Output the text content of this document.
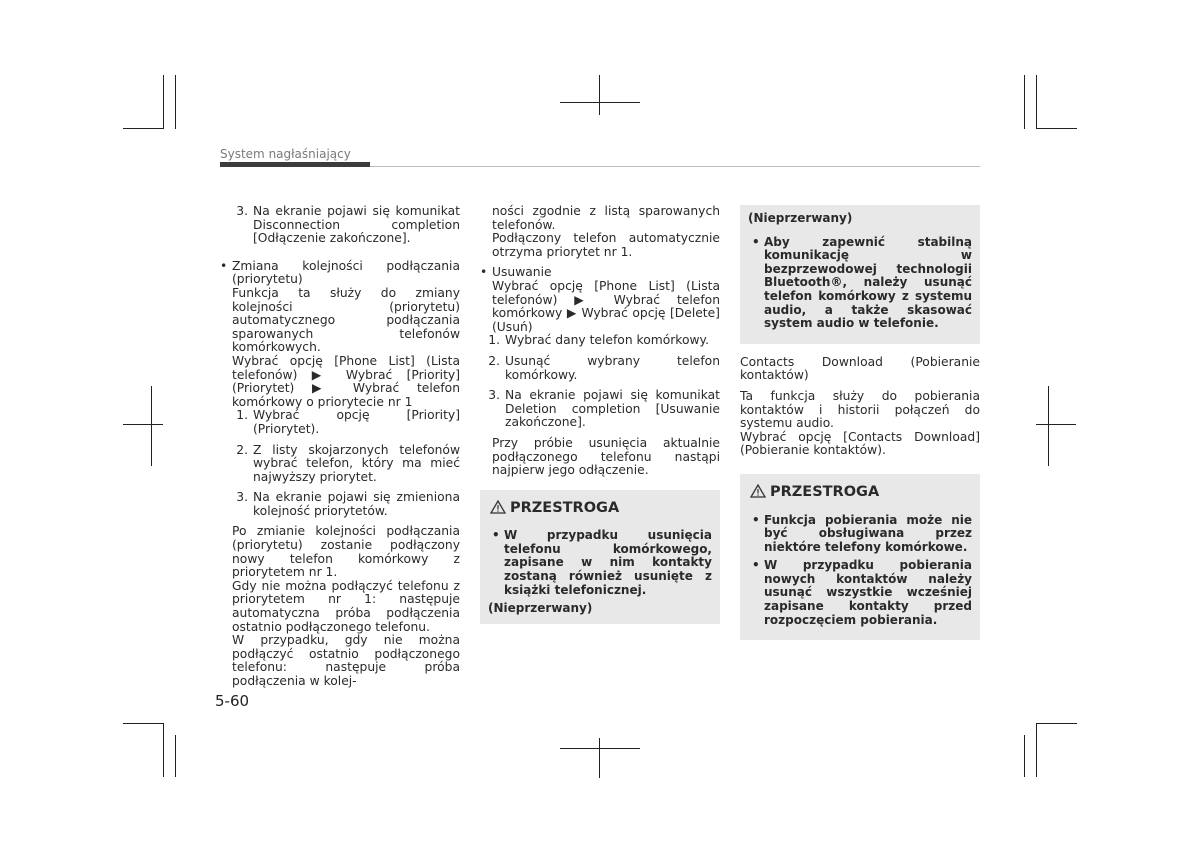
System nagłaśniający
3. Na ekranie pojawi się komunikat Disconnection completion [Odłączenie zakończone].
• Zmiana kolejności podłączania (priorytetu)

Funkcja ta służy do zmiany kolejności (priorytetu) automatycznego podłączania sparowanych telefonów komórkowych.

Wybrać opcję [Phone List] (Lista telefonów) ▶ Wybrać [Priority] (Priorytet) ▶ Wybrać telefon komórkowy o priorytecie nr 1

1. Wybrać opcję [Priority] (Priorytet).
2. Z listy skojarzonych telefonów wybrać telefon, który ma mieć najwyższy priorytet.
3. Na ekranie pojawi się zmieniona kolejność priorytetów.

Po zmianie kolejności podłączania (priorytetu) zostanie podłączony nowy telefon komórkowy z priorytetem nr 1.

Gdy nie można podłączyć telefonu z priorytetem nr 1: następuje automatyczna próba podłączenia ostatnio podłączonego telefonu.

W przypadku, gdy nie można podłączyć ostatnio podłączonego telefonu: następuje próba podłączenia w kolej-

ności zgodnie z listą sparowanych telefonów.

Podłączony telefon automatycznie otrzyma priorytet nr 1.

• Usuwanie

Wybrać opcję [Phone List] (Lista telefonów) ▶ Wybrać telefon komórkowy ▶ Wybrać opcję [Delete] (Usuń)

1. Wybrać dany telefon komórkowy.
2. Usunąć wybrany telefon komórkowy.
3. Na ekranie pojawi się komunikat Deletion completion [Usuwanie zakończone].

Przy próbie usunięcia aktualnie podłączonego telefonu nastąpi najpierw jego odłączenie.

PRZESTROGA
• W przypadku usunięcia telefonu komórkowego, zapisane w nim kontakty zostaną również usunięte z książki telefonicznej.
(Nieprzerwany)
(Nieprzerwany)
• Aby zapewnić stabilną komunikację w bezprzewodowej technologii Bluetooth®, należy usunąć telefon komórkowy z systemu audio, a także skasować system audio w telefonie.

Contacts Download (Pobieranie kontaktów)

Ta funkcja służy do pobierania kontaktów i historii połączeń do systemu audio.

Wybrać opcję [Contacts Download] (Pobieranie kontaktów).

PRZESTROGA
• Funkcja pobierania może nie być obsługiwana przez niektóre telefony komórkowe.
• W przypadku pobierania nowych kontaktów należy usunąć wszystkie wcześniej zapisane kontakty przed rozpoczęciem pobierania.
5-60
